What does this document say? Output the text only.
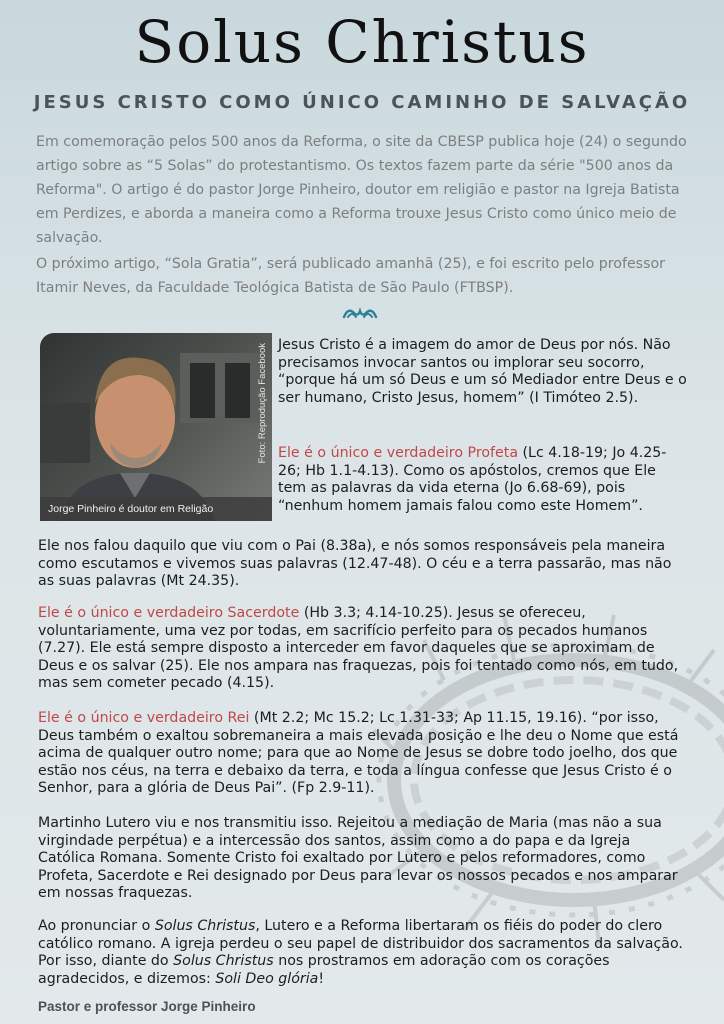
Solus Christus
JESUS CRISTO COMO ÚNICO CAMINHO DE SALVAÇÃO

Em comemoração pelos 500 anos da Reforma, o site da CBESP publica hoje (24) o segundo artigo sobre as “5 Solas” do protestantismo. Os textos fazem parte da série "500 anos da Reforma". O artigo é do pastor Jorge Pinheiro, doutor em religião e pastor na Igreja Batista em Perdizes, e aborda a maneira como a Reforma trouxe Jesus Cristo como único meio de salvação.

O próximo artigo, “Sola Gratia”, será publicado amanhã (25), e foi escrito pelo professor Itamir Neves, da Faculdade Teológica Batista de São Paulo (FTBSP).

Jorge Pinheiro é doutor em Religão
Foto: Reprodução Facebook Jesus Cristo é a imagem do amor de Deus por nós. Não precisamos invocar santos ou implorar seu socorro, “porque há um só Deus e um só Mediador entre Deus e o ser humano, Cristo Jesus, homem” (I Timóteo 2.5).

Ele é o único e verdadeiro Profeta (Lc 4.18-19; Jo 4.25-26; Hb 1.1-4.13). Como os apóstolos, cremos que Ele tem as palavras da vida eterna (Jo 6.68-69), pois “nenhum homem jamais falou como este Homem”.

Ele nos falou daquilo que viu com o Pai (8.38a), e nós somos responsáveis pela maneira como escutamos e vivemos suas palavras (12.47-48). O céu e a terra passarão, mas não as suas palavras (Mt 24.35).

Ele é o único e verdadeiro Sacerdote (Hb 3.3; 4.14-10.25). Jesus se ofereceu, voluntariamente, uma vez por todas, em sacrifício perfeito para os pecados humanos (7.27). Ele está sempre disposto a interceder em favor daqueles que se aproximam de Deus e os salvar (25). Ele nos ampara nas fraquezas, pois foi tentado como nós, em tudo, mas sem cometer pecado (4.15).

Ele é o único e verdadeiro Rei (Mt 2.2; Mc 15.2; Lc 1.31-33; Ap 11.15, 19.16). “por isso, Deus também o exaltou sobremaneira a mais elevada posição e lhe deu o Nome que está acima de qualquer outro nome; para que ao Nome de Jesus se dobre todo joelho, dos que estão nos céus, na terra e debaixo da terra, e toda a língua confesse que Jesus Cristo é o Senhor, para a glória de Deus Pai”. (Fp 2.9-11).

Martinho Lutero viu e nos transmitiu isso. Rejeitou a mediação de Maria (mas não a sua virgindade perpétua) e a intercessão dos santos, assim como a do papa e da Igreja Católica Romana. Somente Cristo foi exaltado por Lutero e pelos reformadores, como Profeta, Sacerdote e Rei designado por Deus para levar os nossos pecados e nos amparar em nossas fraquezas.

Ao pronunciar o Solus Christus, Lutero e a Reforma libertaram os fiéis do poder do clero católico romano. A igreja perdeu o seu papel de distribuidor dos sacramentos da salvação. Por isso, diante do Solus Christus nos prostramos em adoração com os corações agradecidos, e dizemos: Soli Deo glória!

Pastor e professor Jorge Pinheiro
